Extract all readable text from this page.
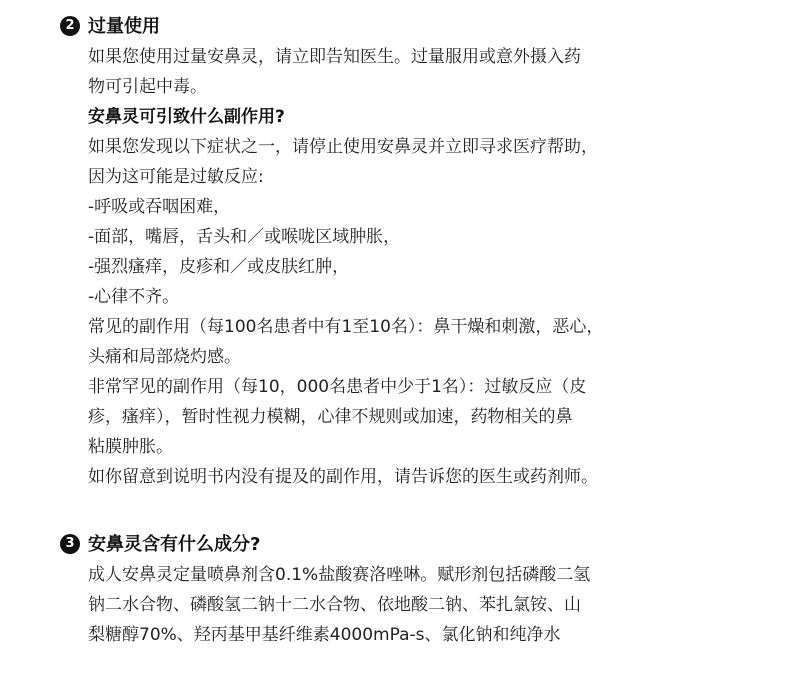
2 过量使用
如果您使用过量安鼻灵，请立即告知医生。过量服用或意外摄入药
物可引起中毒。
安鼻灵可引致什么副作用?
如果您发现以下症状之一，请停止使用安鼻灵并立即寻求医疗帮助，
因为这可能是过敏反应:
-呼吸或吞咽困难，
-面部，嘴唇，舌头和／或喉咙区域肿胀，
-强烈瘙痒，皮疹和／或皮肤红肿，
-心律不齐。
常见的副作用（每100名患者中有1至10名）：鼻干燥和刺激，恶心，
头痛和局部烧灼感。
非常罕见的副作用（每10，000名患者中少于1名）：过敏反应（皮
疹，瘙痒），暂时性视力模糊，心律不规则或加速，药物相关的鼻
粘膜肿胀。
如你留意到说明书内没有提及的副作用，请告诉您的医生或药剂师。
3 安鼻灵含有什么成分?
成人安鼻灵定量喷鼻剂含0.1%盐酸赛洛唑啉。赋形剂包括磷酸二氢
钠二水合物、磷酸氢二钠十二水合物、依地酸二钠、苯扎氯铵、山
梨糖醇70%、羟丙基甲基纤维素4000mPa-s、氯化钠和纯净水
